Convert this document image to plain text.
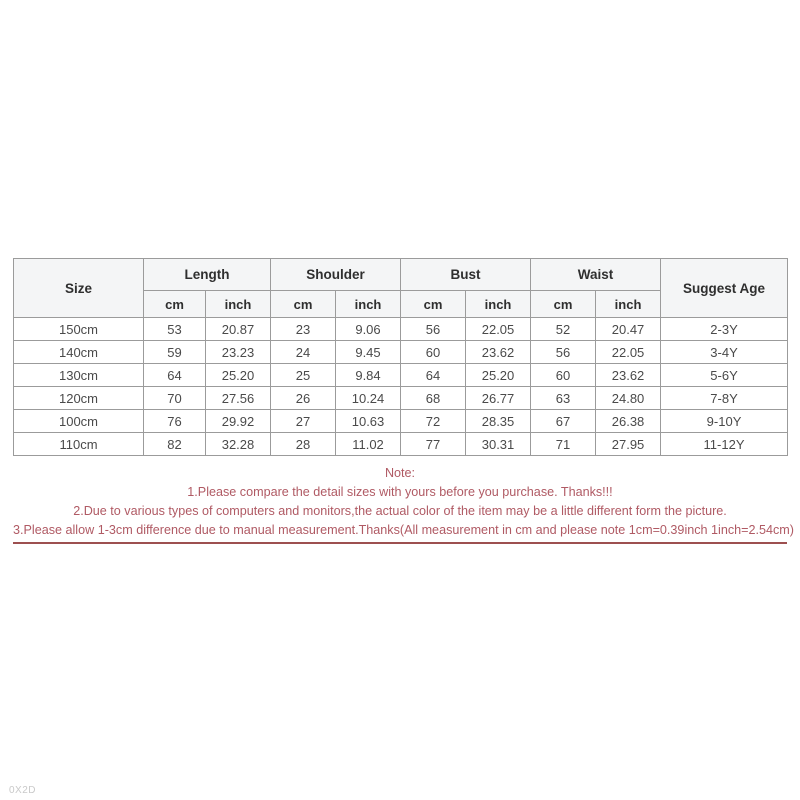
Size	Length		Shoulder		Bust		Waist		Suggest Age
	cm	inch	cm	inch	cm	inch	cm	inch	
150cm	53	20.87	23	9.06	56	22.05	52	20.47	2-3Y
140cm	59	23.23	24	9.45	60	23.62	56	22.05	3-4Y
130cm	64	25.20	25	9.84	64	25.20	60	23.62	5-6Y
120cm	70	27.56	26	10.24	68	26.77	63	24.80	7-8Y
100cm	76	29.92	27	10.63	72	28.35	67	26.38	9-10Y
110cm	82	32.28	28	11.02	77	30.31	71	27.95	11-12Y
Note:
1.Please compare the detail sizes with yours before you purchase. Thanks!!!
2.Due to various types of computers and monitors,the actual color of the item may be a little different form the picture.
3.Please allow 1-3cm difference due to manual measurement.Thanks(All measurement in cm and please note 1cm=0.39inch 1inch=2.54cm)
0X2D
